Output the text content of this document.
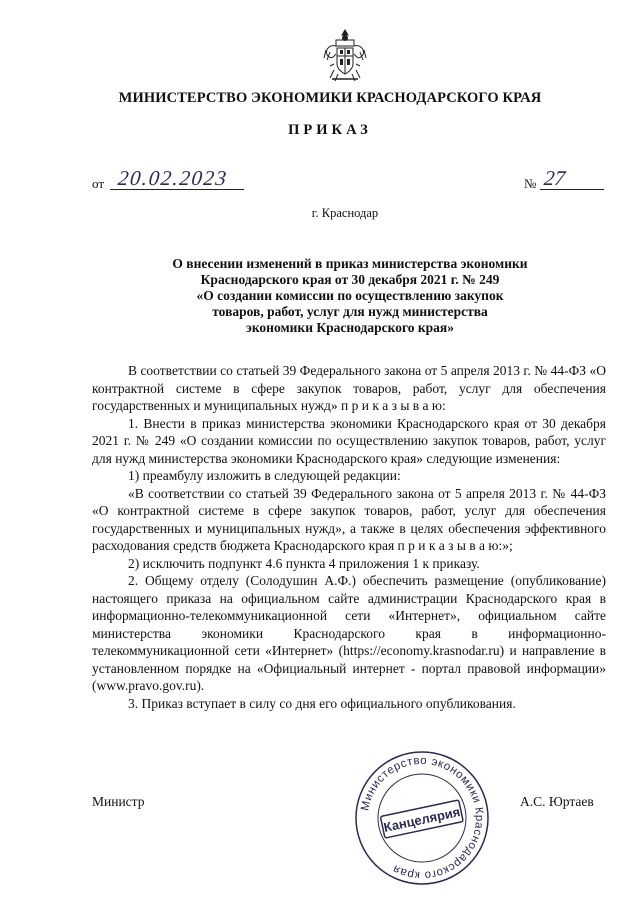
МИНИСТЕРСТВО ЭКОНОМИКИ КРАСНОДАРСКОГО КРАЯ
ПРИКАЗ
от 20.02.2023	№ 27
г. Краснодар
О внесении изменений в приказ министерства экономики
Краснодарского края от 30 декабря 2021 г. № 249
«О создании комиссии по осуществлению закупок
товаров, работ, услуг для нужд министерства
экономики Краснодарского края»

В соответствии со статьей 39 Федерального закона от 5 апреля 2013 г. № 44-ФЗ «О контрактной системе в сфере закупок товаров, работ, услуг для обеспечения государственных и муниципальных нужд» п р и к а з ы в а ю:

1. Внести в приказ министерства экономики Краснодарского края от 30 декабря 2021 г. № 249 «О создании комиссии по осуществлению закупок товаров, работ, услуг для нужд министерства экономики Краснодарского края» следующие изменения:

1) преамбулу изложить в следующей редакции:

«В соответствии со статьей 39 Федерального закона от 5 апреля 2013 г. № 44-ФЗ «О контрактной системе в сфере закупок товаров, работ, услуг для обеспечения государственных и муниципальных нужд», а также в целях обеспечения эффективного расходования средств бюджета Краснодарского края п р и к а з ы в а ю:»;

2) исключить подпункт 4.6 пункта 4 приложения 1 к приказу.

2. Общему отделу (Солодушин А.Ф.) обеспечить размещение (опубликование) настоящего приказа на официальном сайте администрации Краснодарского края в информационно-телекоммуникационной сети «Интернет», официальном сайте министерства экономики Краснодарского края в информационно-телекоммуникационной сети «Интернет» (https://economy.krasnodar.ru) и направление в установленном порядке на «Официальный интернет - портал правовой информации» (www.pravo.gov.ru).

3. Приказ вступает в силу со дня его официального опубликования.

Министр	А.С. Юртаев
Министерство экономики Краснодарского края
Канцелярия
